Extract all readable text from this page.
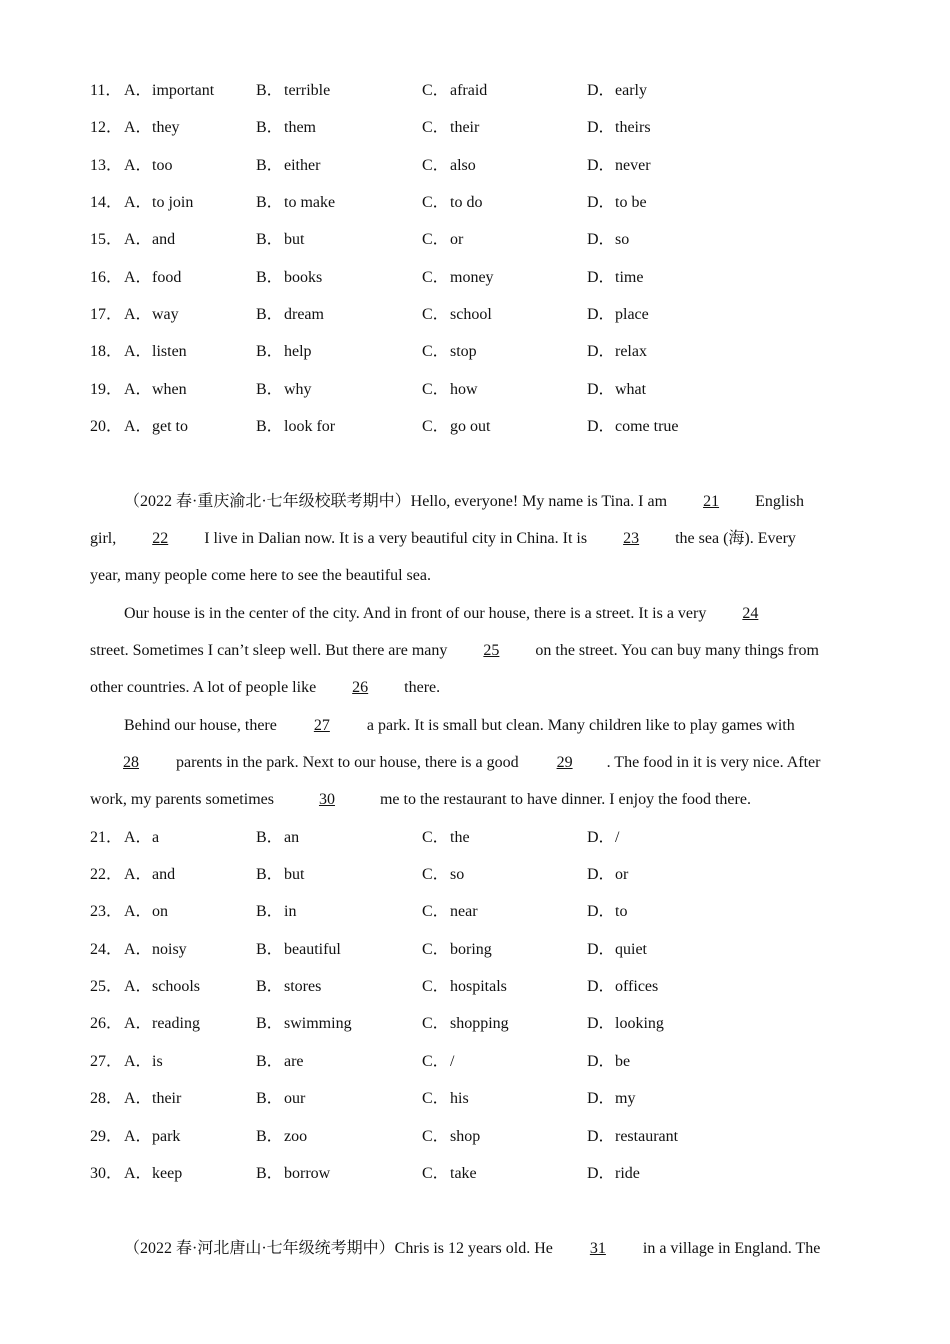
11． A．important	B．terrible	C．afraid	D．early
12． A．they	B．them	C．their	D．theirs
13． A．too	B．either	C．also	D．never
14． A．to join	B．to make	C．to do	D．to be
15． A．and	B．but	C．or	D．so
16． A．food	B．books	C．money	D．time
17． A．way	B．dream	C．school	D．place
18． A．listen	B．help	C．stop	D．relax
19． A．when	B．why	C．how	D．what
20． A．get to	B．look for	C．go out	D．come true
（2022 春·重庆渝北·七年级校联考期中）Hello, everyone! My name is Tina. I am 21 English
girl, 22 I live in Dalian now. It is a very beautiful city in China. It is 23 the sea (海). Every
year, many people come here to see the beautiful sea.
Our house is in the center of the city. And in front of our house, there is a street. It is a very 24
street. Sometimes I can’t sleep well. But there are many 25 on the street. You can buy many things from
other countries. A lot of people like 26 there.
Behind our house, there 27 a park. It is small but clean. Many children like to play games with
28 parents in the park. Next to our house, there is a good 29 . The food in it is very nice. After
work, my parents sometimes	30	me to the restaurant to have dinner. I enjoy the food there.
21． A．a	B．an	C．the	D．/
22． A．and	B．but	C．so	D．or
23． A．on	B．in	C．near	D．to
24． A．noisy	B．beautiful	C．boring	D．quiet
25． A．schools	B．stores	C．hospitals	D．offices
26． A．reading	B．swimming	C．shopping	D．looking
27． A．is	B．are	C．/	D．be
28． A．their	B．our	C．his	D．my
29． A．park	B．zoo	C．shop	D．restaurant
30． A．keep	B．borrow	C．take	D．ride
（2022 春·河北唐山·七年级统考期中）Chris is 12 years old. He 31 in a village in England. The
